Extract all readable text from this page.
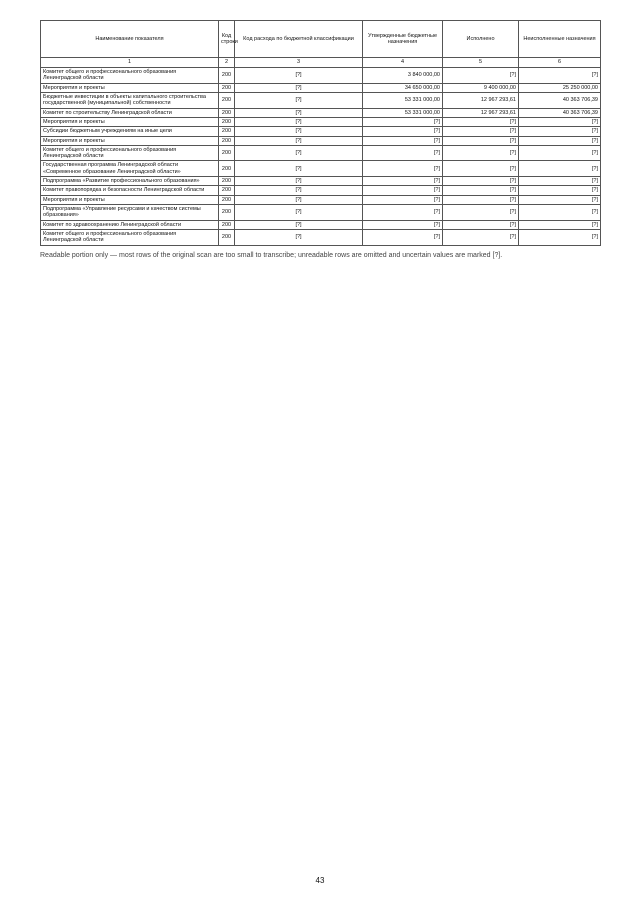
Наименование показателя	Код строки	Код расхода по бюджетной классификации	Утвержденные бюджетные назначения	Исполнено	Неисполненные назначения
1	2	3	4	5	6
Комитет общего и профессионального образования Ленинградской области	200	[?]	3 840 000,00	[?]	[?]
Мероприятия и проекты	200	[?]	34 650 000,00	9 400 000,00	25 250 000,00
Бюджетные инвестиции в объекты капитального строительства государственной (муниципальной) собственности	200	[?]	53 331 000,00	12 967 293,61	40 363 706,39
Комитет по строительству Ленинградской области	200	[?]	53 331 000,00	12 967 293,61	40 363 706,39
Мероприятия и проекты	200	[?]	[?]	[?]	[?]
Субсидии бюджетным учреждениям на иные цели	200	[?]	[?]	[?]	[?]
Мероприятия и проекты	200	[?]	[?]	[?]	[?]
Комитет общего и профессионального образования Ленинградской области	200	[?]	[?]	[?]	[?]
Государственная программа Ленинградской области «Современное образование Ленинградской области»	200	[?]	[?]	[?]	[?]
Подпрограмма «Развитие профессионального образования»	200	[?]	[?]	[?]	[?]
Комитет правопорядка и безопасности Ленинградской области	200	[?]	[?]	[?]	[?]
Мероприятия и проекты	200	[?]	[?]	[?]	[?]
Подпрограмма «Управление ресурсами и качеством системы образования»	200	[?]	[?]	[?]	[?]
Комитет по здравоохранению Ленинградской области	200	[?]	[?]	[?]	[?]
Комитет общего и профессионального образования Ленинградской области	200	[?]	[?]	[?]	[?]
Readable portion only — most rows of the original scan are too small to transcribe; unreadable rows are omitted and uncertain values are marked [?].
43
